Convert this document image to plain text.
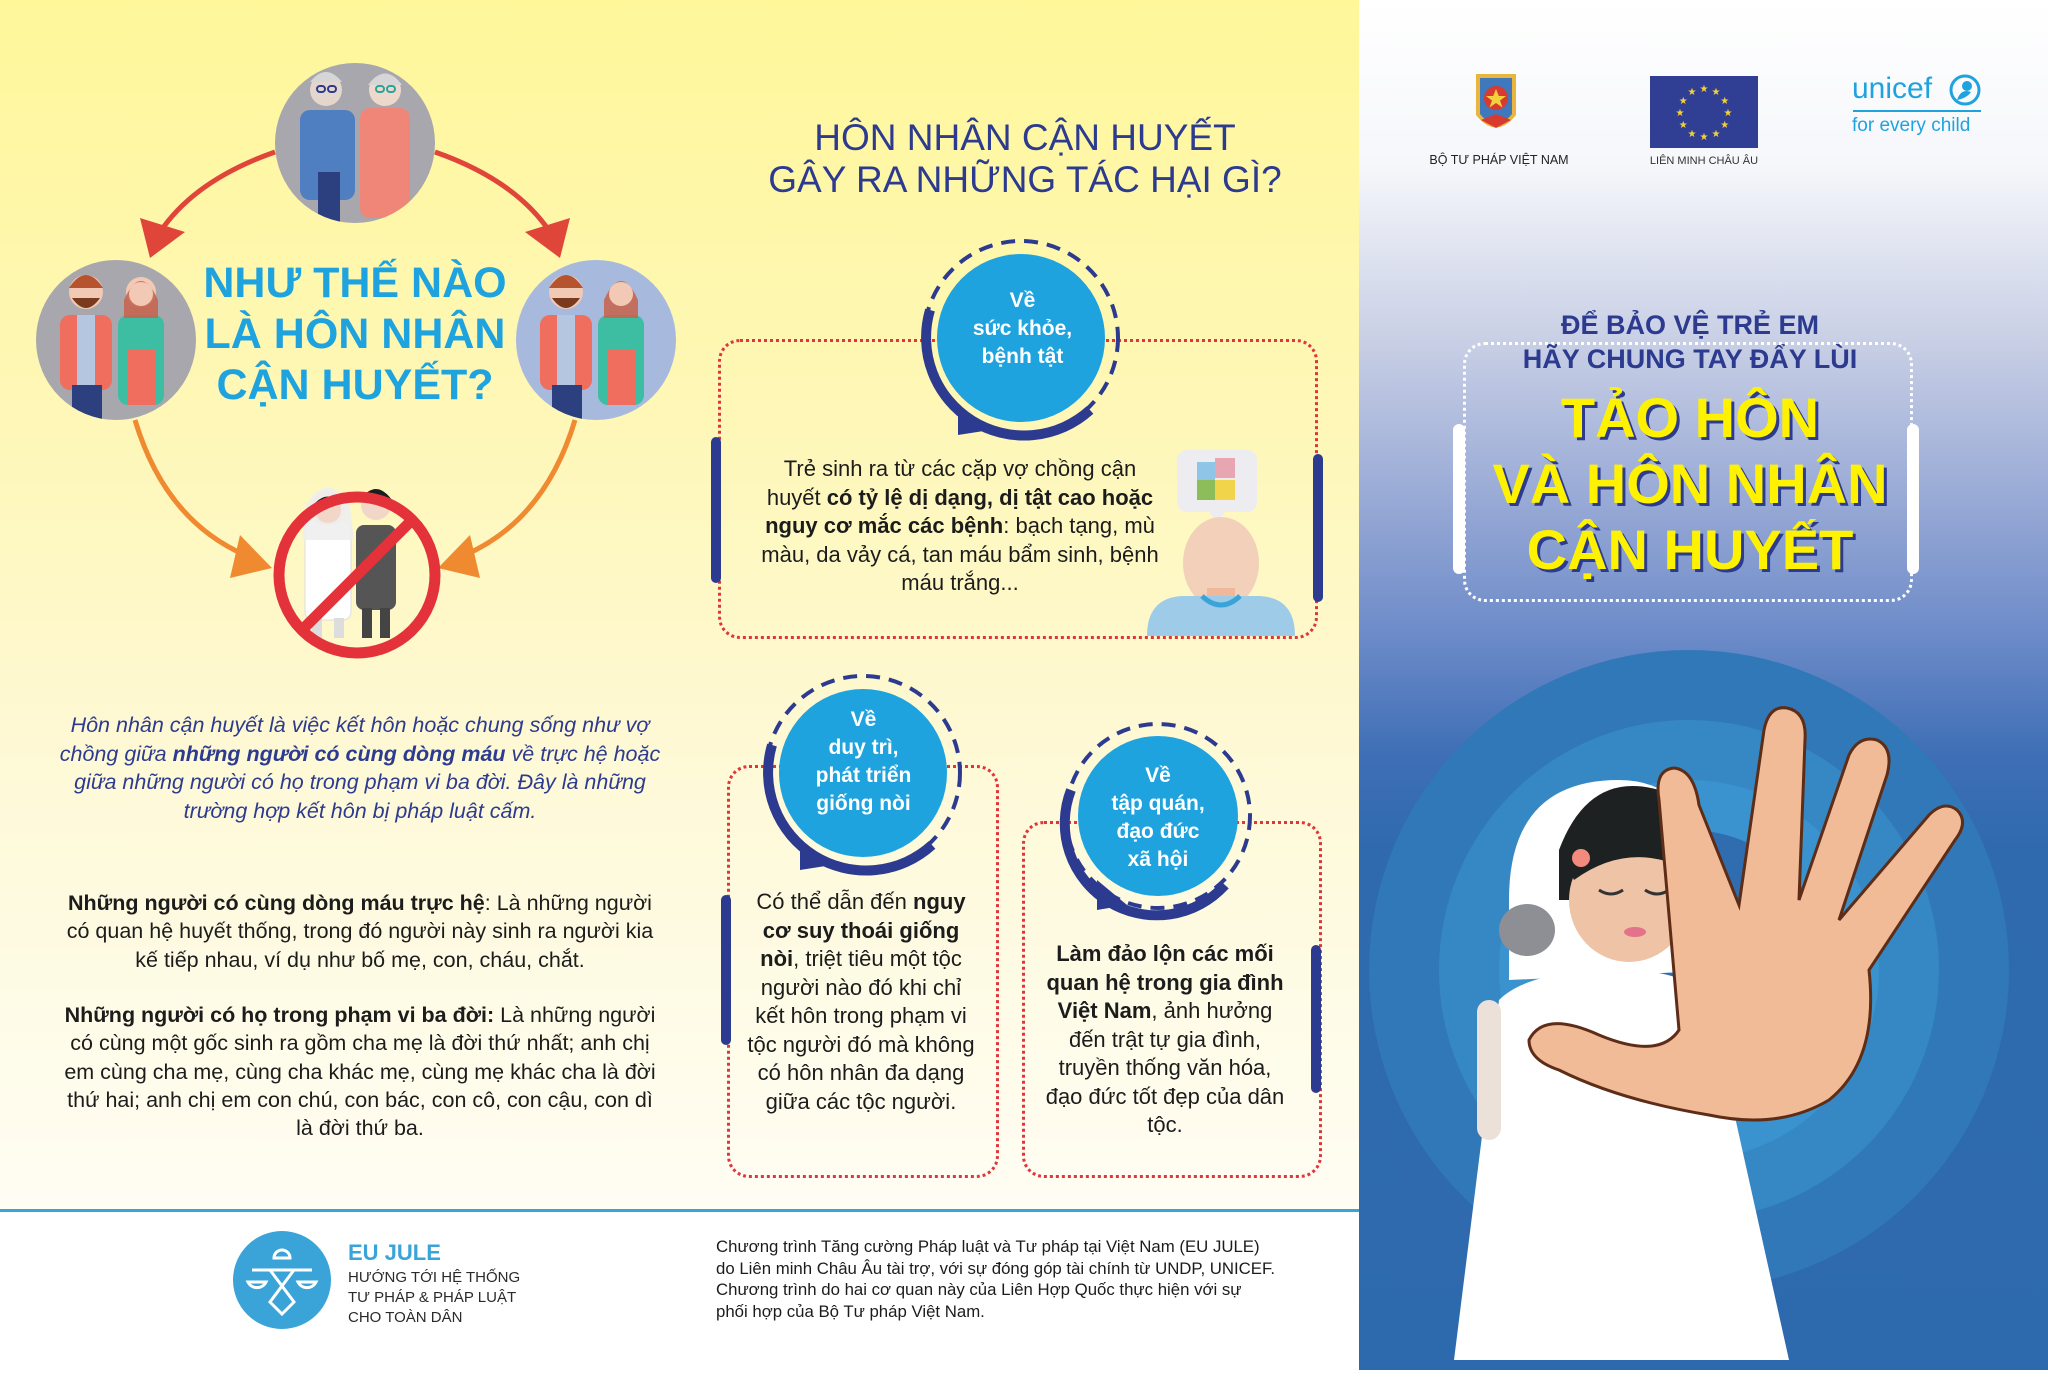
NHƯ THẾ NÀO
LÀ HÔN NHÂN
CẬN HUYẾT?
Hôn nhân cận huyết là việc kết hôn hoặc chung sống như vợ chồng giữa những người có cùng dòng máu về trực hệ hoặc giữa những người có họ trong phạm vi ba đời. Đây là những trường hợp kết hôn bị pháp luật cấm.
Những người có cùng dòng máu trực hệ: Là những người có quan hệ huyết thống, trong đó người này sinh ra người kia kế tiếp nhau, ví dụ như bố mẹ, con, cháu, chắt.
Những người có họ trong phạm vi ba đời: Là những người có cùng một gốc sinh ra gồm cha mẹ là đời thứ nhất; anh chị em cùng cha mẹ, cùng cha khác mẹ, cùng mẹ khác cha là đời thứ hai; anh chị em con chú, con bác, con cô, con cậu, con dì là đời thứ ba.
HÔN NHÂN CẬN HUYẾT
GÂY RA NHỮNG TÁC HẠI GÌ?
Về
sức khỏe,
bệnh tật
Trẻ sinh ra từ các cặp vợ chồng cận huyết có tỷ lệ dị dạng, dị tật cao hoặc nguy cơ mắc các bệnh: bạch tạng, mù màu, da vảy cá, tan máu bẩm sinh, bệnh máu trắng...
Về
duy trì,
phát triển
giống nòi
Có thể dẫn đến nguy cơ suy thoái giống nòi, triệt tiêu một tộc người nào đó khi chỉ kết hôn trong phạm vi tộc người đó mà không có hôn nhân đa dạng giữa các tộc người.
Về
tập quán,
đạo đức
xã hội
Làm đảo lộn các mối quan hệ trong gia đình Việt Nam, ảnh hưởng đến trật tự gia đình, truyền thống văn hóa, đạo đức tốt đẹp của dân tộc.
EU JULE
HƯỚNG TỚI HỆ THỐNG
TƯ PHÁP & PHÁP LUẬT
CHO TOÀN DÂN
Chương trình Tăng cường Pháp luật và Tư pháp tại Việt Nam (EU JULE)
do Liên minh Châu Âu tài trợ, với sự đóng góp tài chính từ UNDP, UNICEF.
Chương trình do hai cơ quan này của Liên Hợp Quốc thực hiện với sự
phối hợp của Bộ Tư pháp Việt Nam.
BỘ TƯ PHÁP VIỆT NAM
★ ★
★
★
★
★
★
★
★
★
★
★
LIÊN MINH CHÂU ÂU
unicef
for every child
ĐỂ BẢO VỆ TRẺ EM
HÃY CHUNG TAY ĐẨY LÙI
TẢO HÔN
VÀ HÔN NHÂN
CẬN HUYẾT
